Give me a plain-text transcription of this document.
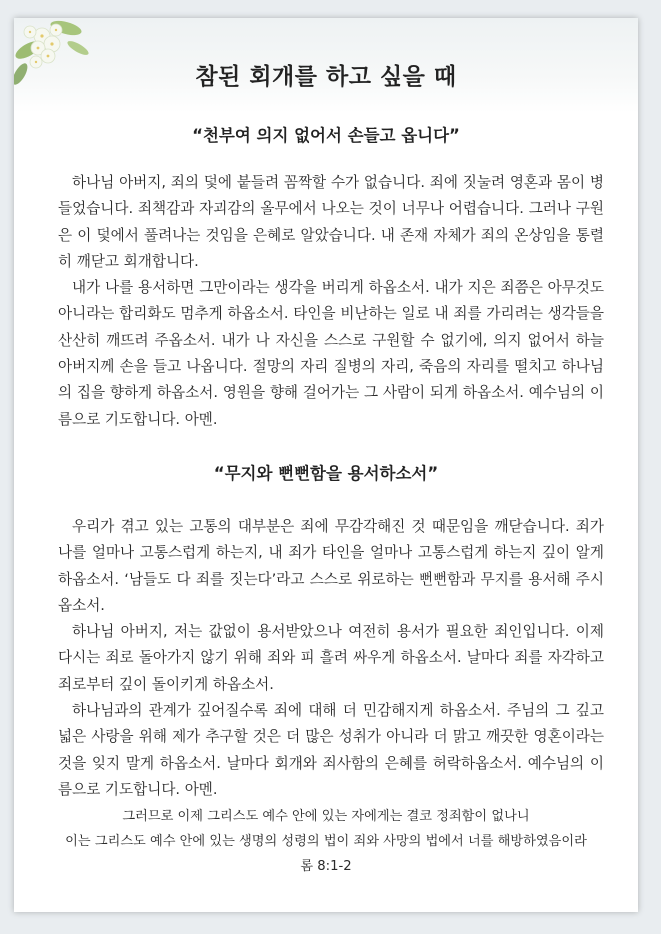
참된 회개를 하고 싶을 때
“천부여 의지 없어서 손들고 옵니다”

하나님 아버지, 죄의 덫에 붙들려 꼼짝할 수가 없습니다. 죄에 짓눌려 영혼과 몸이 병들었습니다. 죄책감과 자괴감의 올무에서 나오는 것이 너무나 어렵습니다. 그러나 구원은 이 덫에서 풀려나는 것임을 은혜로 알았습니다. 내 존재 자체가 죄의 온상임을 통렬히 깨닫고 회개합니다.

내가 나를 용서하면 그만이라는 생각을 버리게 하옵소서. 내가 지은 죄쯤은 아무것도 아니라는 합리화도 멈추게 하옵소서. 타인을 비난하는 일로 내 죄를 가리려는 생각들을 산산히 깨뜨려 주옵소서. 내가 나 자신을 스스로 구원할 수 없기에, 의지 없어서 하늘 아버지께 손을 들고 나옵니다. 절망의 자리 질병의 자리, 죽음의 자리를 떨치고 하나님의 집을 향하게 하옵소서. 영원을 향해 걸어가는 그 사람이 되게 하옵소서. 예수님의 이름으로 기도합니다. 아멘.

“무지와 뻔뻔함을 용서하소서”

우리가 겪고 있는 고통의 대부분은 죄에 무감각해진 것 때문임을 깨닫습니다. 죄가 나를 얼마나 고통스럽게 하는지, 내 죄가 타인을 얼마나 고통스럽게 하는지 깊이 알게 하옵소서. ‘남들도 다 죄를 짓는다’라고 스스로 위로하는 뻔뻔함과 무지를 용서해 주시옵소서.

하나님 아버지, 저는 값없이 용서받았으나 여전히 용서가 필요한 죄인입니다. 이제 다시는 죄로 돌아가지 않기 위해 죄와 피 흘려 싸우게 하옵소서. 날마다 죄를 자각하고 죄로부터 깊이 돌이키게 하옵소서.

하나님과의 관계가 깊어질수록 죄에 대해 더 민감해지게 하옵소서. 주님의 그 깊고 넓은 사랑을 위해 제가 추구할 것은 더 많은 성취가 아니라 더 맑고 깨끗한 영혼이라는 것을 잊지 말게 하옵소서. 날마다 회개와 죄사함의 은혜를 허락하옵소서. 예수님의 이름으로 기도합니다. 아멘.

그러므로 이제 그리스도 예수 안에 있는 자에게는 결코 정죄함이 없나니
이는 그리스도 예수 안에 있는 생명의 성령의 법이 죄와 사망의 법에서 너를 해방하였음이라
롬 8:1-2
